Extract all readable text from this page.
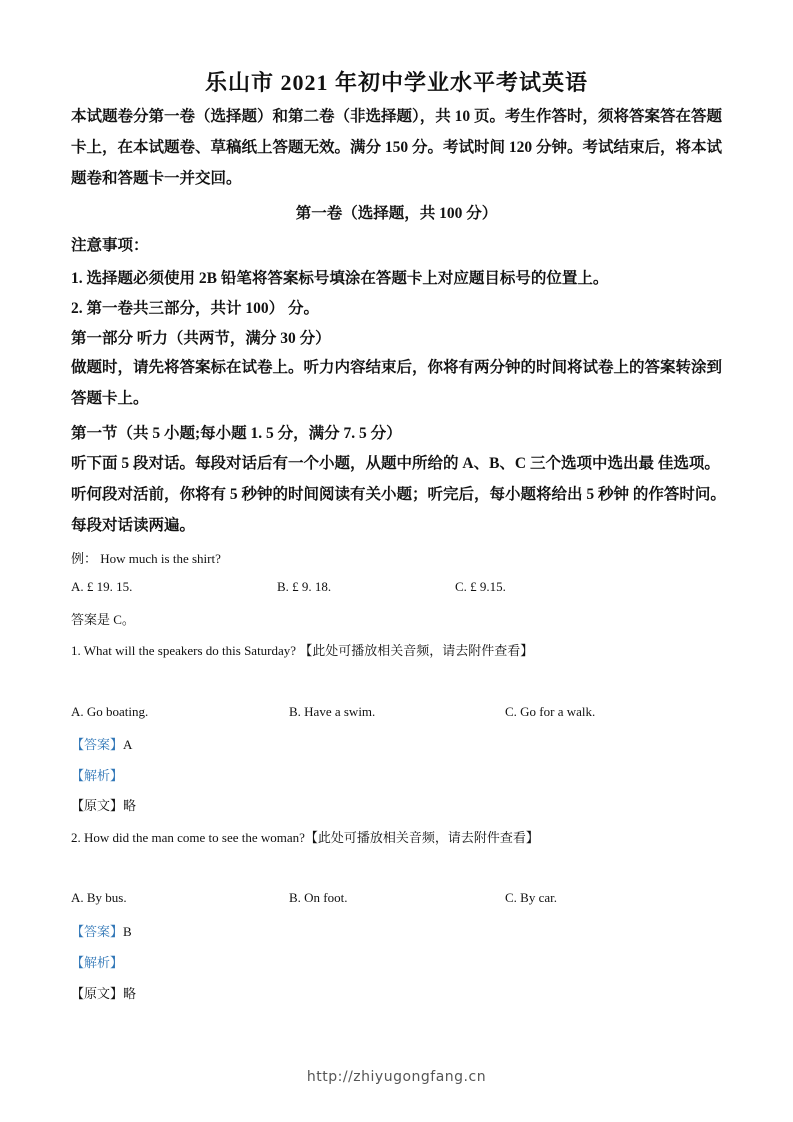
乐山市 2021 年初中学业水平考试英语
本试题卷分第一卷（选择题）和第二卷（非选择题），共 10 页。考生作答时，须将答案答在答题卡上，在本试题卷、草稿纸上答题无效。满分 150 分。考试时间 120 分钟。考试结束后，将本试题卷和答题卡一并交回。
第一卷（选择题，共 100 分）
注意事项：
1. 选择题必须使用 2B 铅笔将答案标号填涂在答题卡上对应题目标号的位置上。
2. 第一卷共三部分，共计 100） 分。
第一部分 听力（共两节，满分 30 分）
做题时，请先将答案标在试卷上。听力内容结束后，你将有两分钟的时间将试卷上的答案转涂到答题卡上。
第一节（共 5 小题;每小题 1. 5 分，满分 7. 5 分）
听下面 5 段对话。每段对话后有一个小题，从题中所给的 A、B、C 三个选项中选出最 佳选项。听何段对活前，你将有 5 秒钟的时间阅读有关小题；听完后，每小题将给出 5 秒钟 的作答时问。每段对话读两遍。
例： How much is the shirt?
A. £ 19. 15.	B. £ 9. 18.	C. £ 9.15.
答案是 C。
1. What will the speakers do this Saturday? 【此处可播放相关音频，请去附件查看】
A. Go boating.	B. Have a swim.	C. Go for a walk.
【答案】A
【解析】
【原文】略
2. How did the man come to see the woman?【此处可播放相关音频，请去附件查看】
A. By bus.	B. On foot.	C. By car.
【答案】B
【解析】
【原文】略
http://zhiyugongfang.cn
